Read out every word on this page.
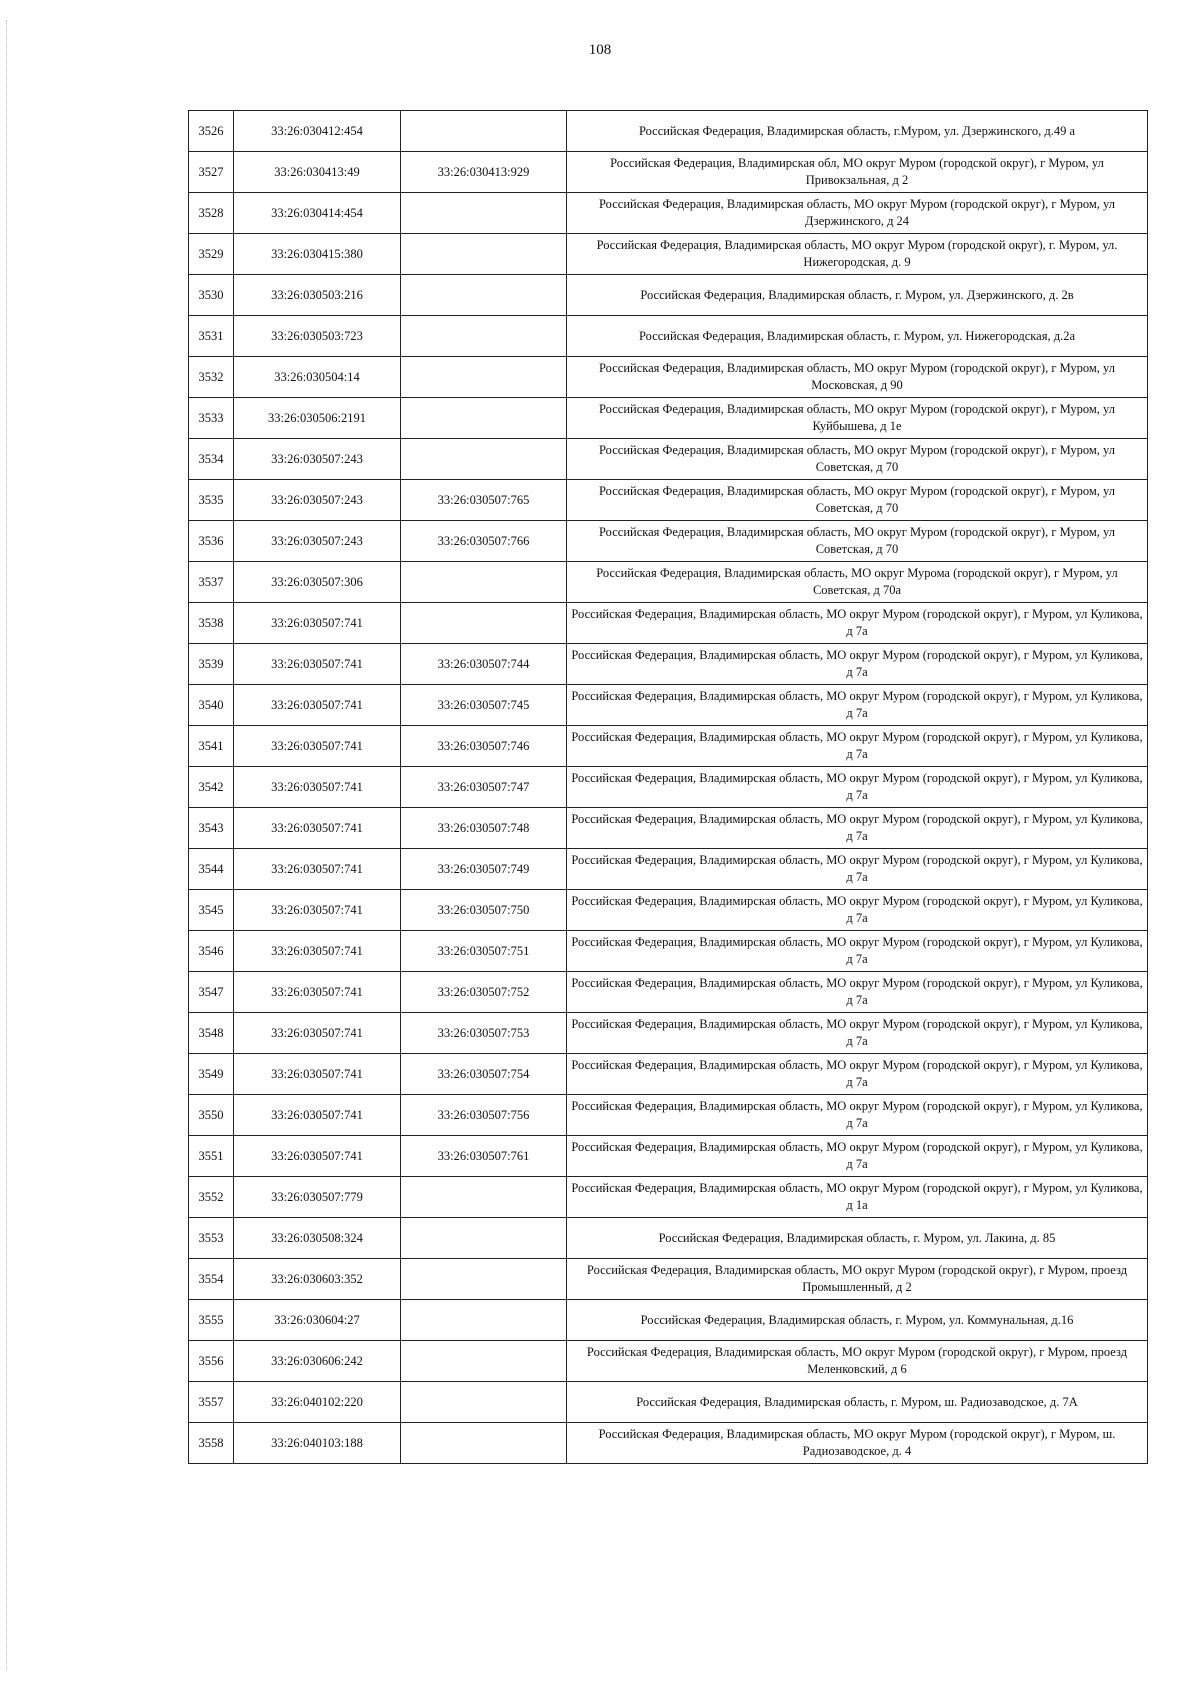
108
3526	33:26:030412:454		Российская Федерация, Владимирская область, г.Муром, ул. Дзержинского, д.49 а
3527	33:26:030413:49	33:26:030413:929	Российская Федерация, Владимирская обл, МО округ Муром (городской округ), г Муром, ул Привокзальная, д 2
3528	33:26:030414:454		Российская Федерация, Владимирская область, МО округ Муром (городской округ), г Муром, ул Дзержинского, д 24
3529	33:26:030415:380		Российская Федерация, Владимирская область, МО округ Муром (городской округ), г. Муром, ул. Нижегородская, д. 9
3530	33:26:030503:216		Российская Федерация, Владимирская область, г. Муром, ул. Дзержинского, д. 2в
3531	33:26:030503:723		Российская Федерация, Владимирская область, г. Муром, ул. Нижегородская, д.2а
3532	33:26:030504:14		Российская Федерация, Владимирская область, МО округ Муром (городской округ), г Муром, ул Московская, д 90
3533	33:26:030506:2191		Российская Федерация, Владимирская область, МО округ Муром (городской округ), г Муром, ул Куйбышева, д 1е
3534	33:26:030507:243		Российская Федерация, Владимирская область, МО округ Муром (городской округ), г Муром, ул Советская, д 70
3535	33:26:030507:243	33:26:030507:765	Российская Федерация, Владимирская область, МО округ Муром (городской округ), г Муром, ул Советская, д 70
3536	33:26:030507:243	33:26:030507:766	Российская Федерация, Владимирская область, МО округ Муром (городской округ), г Муром, ул Советская, д 70
3537	33:26:030507:306		Российская Федерация, Владимирская область, МО округ Мурома (городской округ), г Муром, ул Советская, д 70а
3538	33:26:030507:741		Российская Федерация, Владимирская область, МО округ Муром (городской округ), г Муром, ул Куликова, д 7а
3539	33:26:030507:741	33:26:030507:744	Российская Федерация, Владимирская область, МО округ Муром (городской округ), г Муром, ул Куликова, д 7а
3540	33:26:030507:741	33:26:030507:745	Российская Федерация, Владимирская область, МО округ Муром (городской округ), г Муром, ул Куликова, д 7а
3541	33:26:030507:741	33:26:030507:746	Российская Федерация, Владимирская область, МО округ Муром (городской округ), г Муром, ул Куликова, д 7а
3542	33:26:030507:741	33:26:030507:747	Российская Федерация, Владимирская область, МО округ Муром (городской округ), г Муром, ул Куликова, д 7а
3543	33:26:030507:741	33:26:030507:748	Российская Федерация, Владимирская область, МО округ Муром (городской округ), г Муром, ул Куликова, д 7а
3544	33:26:030507:741	33:26:030507:749	Российская Федерация, Владимирская область, МО округ Муром (городской округ), г Муром, ул Куликова, д 7а
3545	33:26:030507:741	33:26:030507:750	Российская Федерация, Владимирская область, МО округ Муром (городской округ), г Муром, ул Куликова, д 7а
3546	33:26:030507:741	33:26:030507:751	Российская Федерация, Владимирская область, МО округ Муром (городской округ), г Муром, ул Куликова, д 7а
3547	33:26:030507:741	33:26:030507:752	Российская Федерация, Владимирская область, МО округ Муром (городской округ), г Муром, ул Куликова, д 7а
3548	33:26:030507:741	33:26:030507:753	Российская Федерация, Владимирская область, МО округ Муром (городской округ), г Муром, ул Куликова, д 7а
3549	33:26:030507:741	33:26:030507:754	Российская Федерация, Владимирская область, МО округ Муром (городской округ), г Муром, ул Куликова, д 7а
3550	33:26:030507:741	33:26:030507:756	Российская Федерация, Владимирская область, МО округ Муром (городской округ), г Муром, ул Куликова, д 7а
3551	33:26:030507:741	33:26:030507:761	Российская Федерация, Владимирская область, МО округ Муром (городской округ), г Муром, ул Куликова, д 7а
3552	33:26:030507:779		Российская Федерация, Владимирская область, МО округ Муром (городской округ), г Муром, ул Куликова, д 1а
3553	33:26:030508:324		Российская Федерация, Владимирская область, г. Муром, ул. Лакина, д. 85
3554	33:26:030603:352		Российская Федерация, Владимирская область, МО округ Муром (городской округ), г Муром, проезд Промышленный, д 2
3555	33:26:030604:27		Российская Федерация, Владимирская область, г. Муром, ул. Коммунальная, д.16
3556	33:26:030606:242		Российская Федерация, Владимирская область, МО округ Муром (городской округ), г Муром, проезд Меленковский, д 6
3557	33:26:040102:220		Российская Федерация, Владимирская область, г. Муром, ш. Радиозаводское, д. 7А
3558	33:26:040103:188		Российская Федерация, Владимирская область, МО округ Муром (городской округ), г Муром, ш. Радиозаводское, д. 4
